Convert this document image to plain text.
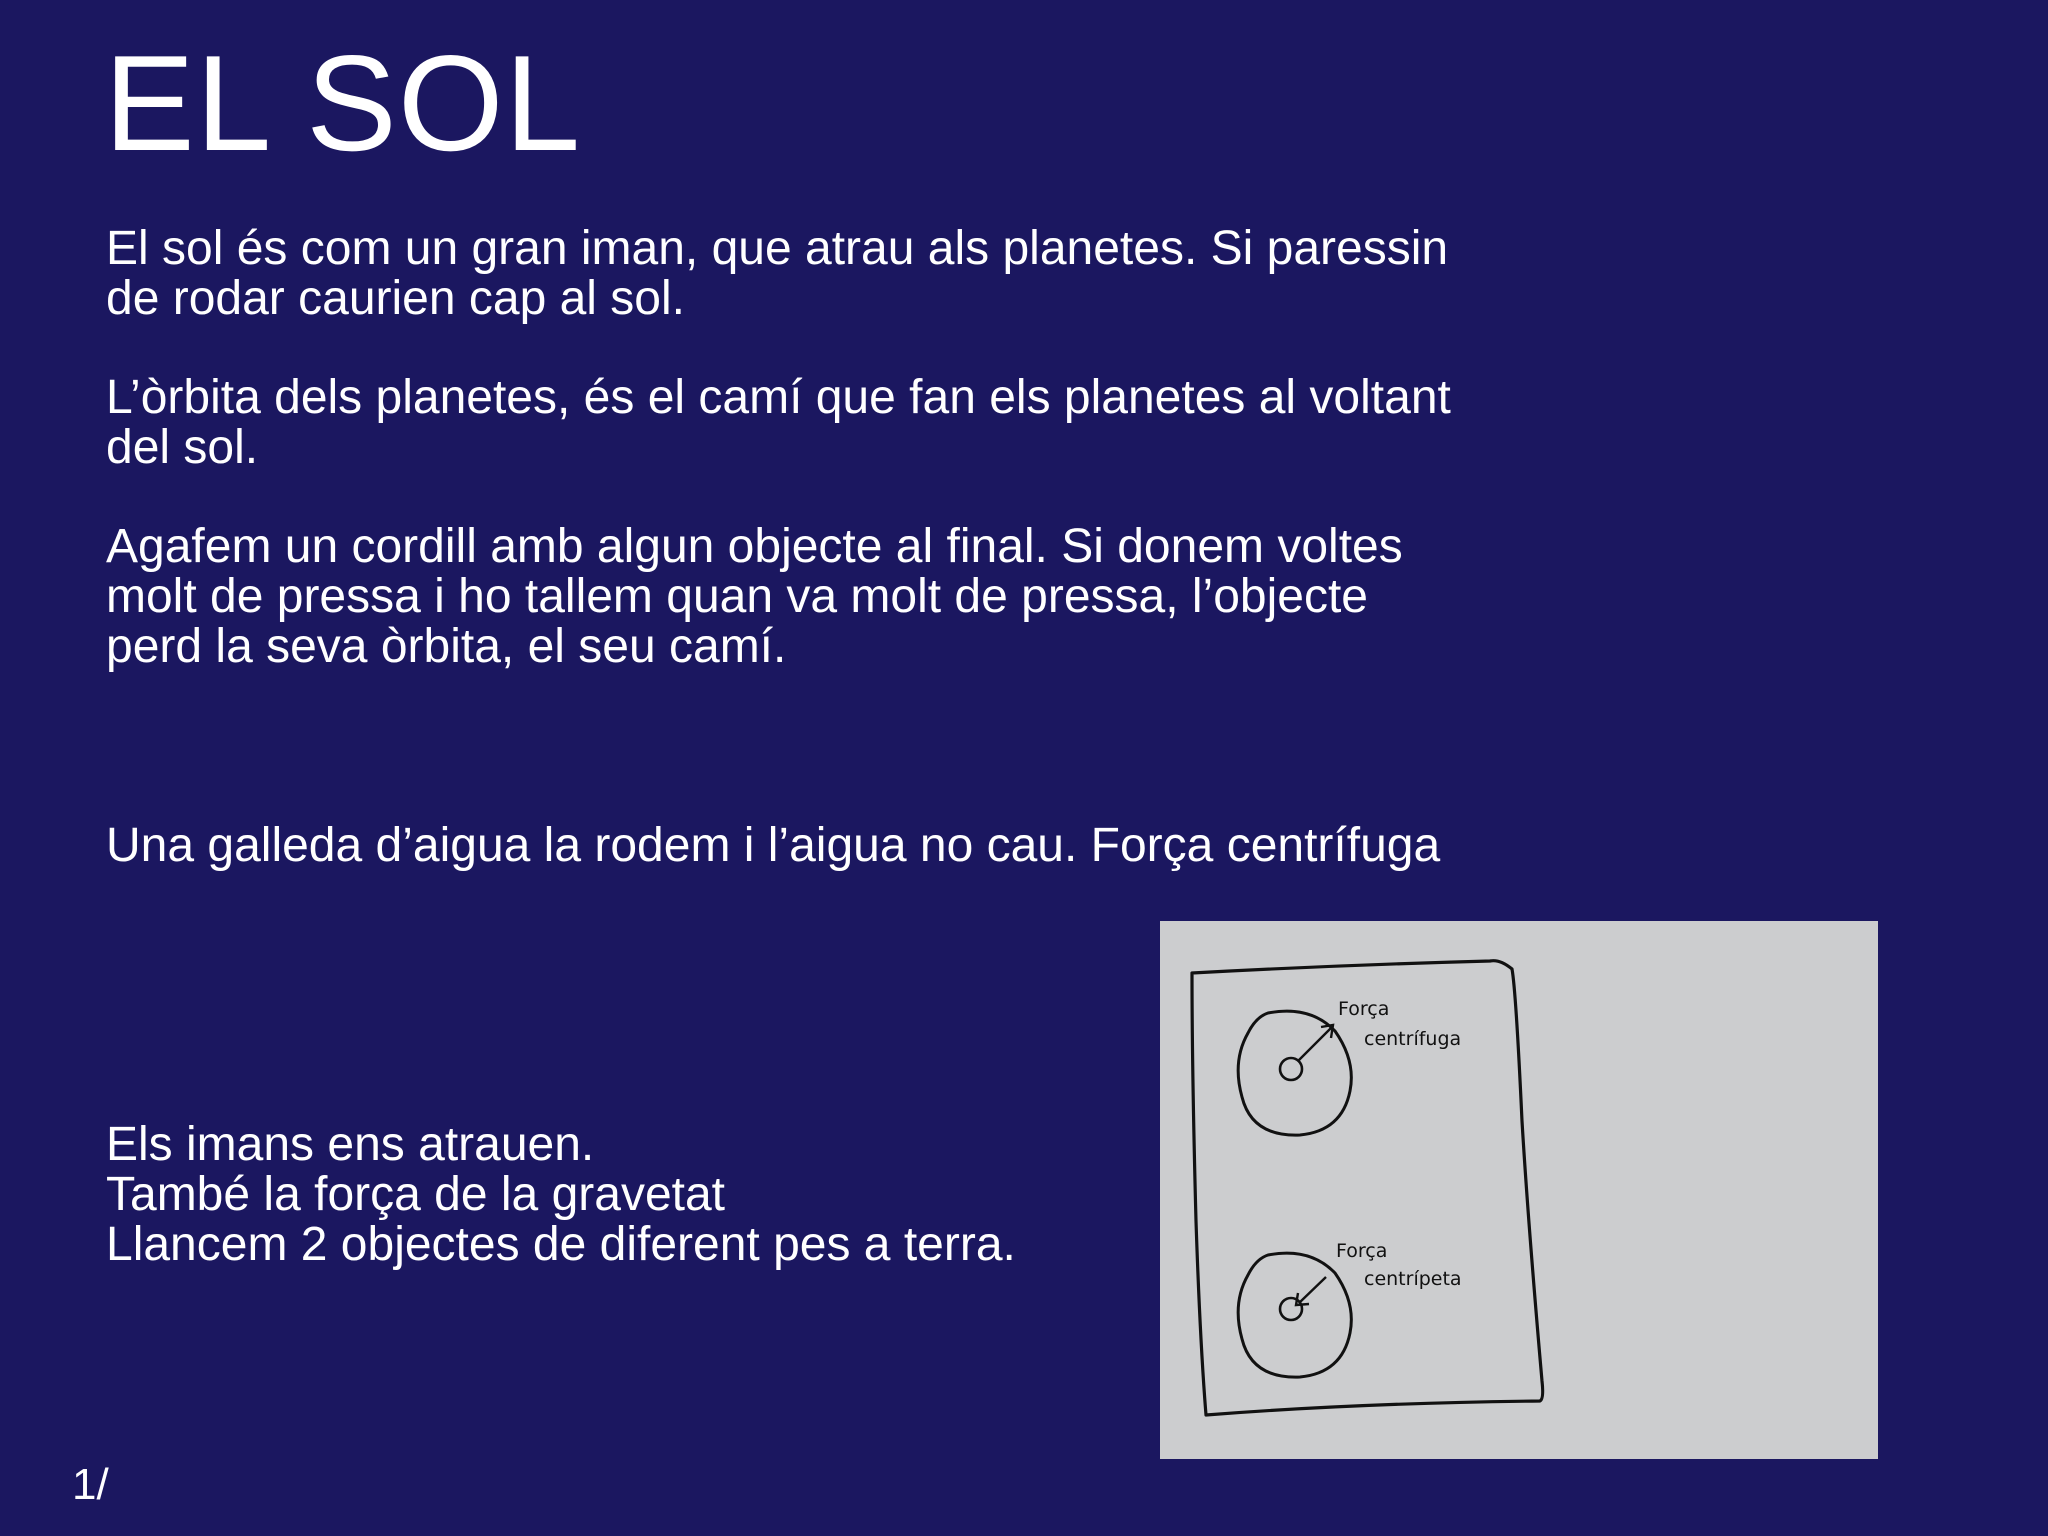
EL SOL

El sol és com un gran iman, que atrau als planetes. Si paressin
de rodar caurien cap al sol.

L’òrbita dels planetes, és el camí que fan els planetes al voltant
del sol.

Agafem un cordill amb algun objecte al final. Si donem voltes
molt de pressa i ho tallem quan va molt de pressa, l’objecte
perd la seva òrbita, el seu camí.

Una galleda d’aigua la rodem i l’aigua no cau. Força centrífuga

Els imans ens atrauen.
També la força de la gravetat
Llancem 2 objectes de diferent pes a terra.

Força
centrífuga
Força
centrípeta
1/
